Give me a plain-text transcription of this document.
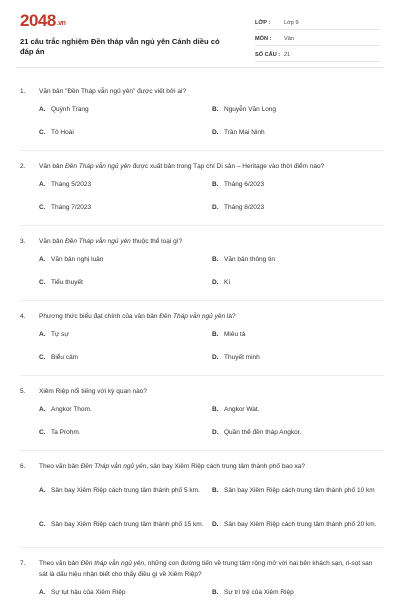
2048.vn
21 câu trắc nghiệm Đền tháp vẫn ngủ yên Cánh diều có đáp án
LỚP :	Lớp 9
MÔN :	Văn
SỐ CÂU : 21
1.	Văn bản "Đền Tháp vẫn ngủ yên" được viết bởi ai?
A. Quỳnh Trang	B. Nguyễn Văn Long
C. Tô Hoài	D. Trần Mai Ninh
2.	Văn bản Đền Tháp vẫn ngủ yên được xuất bản trong Tạp chí Di sản – Heritage vào thời điểm nào?
A. Tháng 5/2023	B. Tháng 6/2023
C. Tháng 7/2023	D. Tháng 8/2023
3.	Văn bản Đền Tháp vẫn ngủ yên thuộc thể loại gì?
A. Văn bản nghị luận	B. Văn bản thông tin
C. Tiểu thuyết	D. Kí
4.	Phương thức biểu đạt chính của văn bản Đền Tháp vẫn ngủ yên là?
A. Tự sự	B. Miêu tả
C. Biểu cảm	D. Thuyết minh
5.	Xiêm Riệp nổi tiếng với kỳ quan nào?
A. Angkor Thom.	B. Angkor Wat.
C. Ta Prohm.	D. Quần thể đền tháp Angkor.
6.	Theo văn bản Đền Tháp vẫn ngủ yên, sân bay Xiêm Riệp cách trung tâm thành phố bao xa?
A. Sân bay Xiêm Riệp cách trung tâm thành phố 5 km. B. Sân bay Xiêm Riệp cách trung tâm thành phố 10 km
C. Sân bay Xiêm Riệp cách trung tâm thành phố 15 km. D. Sân bay Xiêm Riệp cách trung tâm thành phố 20 km.
7.	Theo văn bản Đền tháp vẫn ngủ yên, những con đường tiến về trung tâm rộng mở với hai bên khách sạn, ri-sọt san sát là dấu hiệu nhận biết cho thấy điều gì về Xiêm Riệp?
A. Sự tụt hậu của Xiêm Riệp	B. Sự trì trệ của Xiêm Riệp
